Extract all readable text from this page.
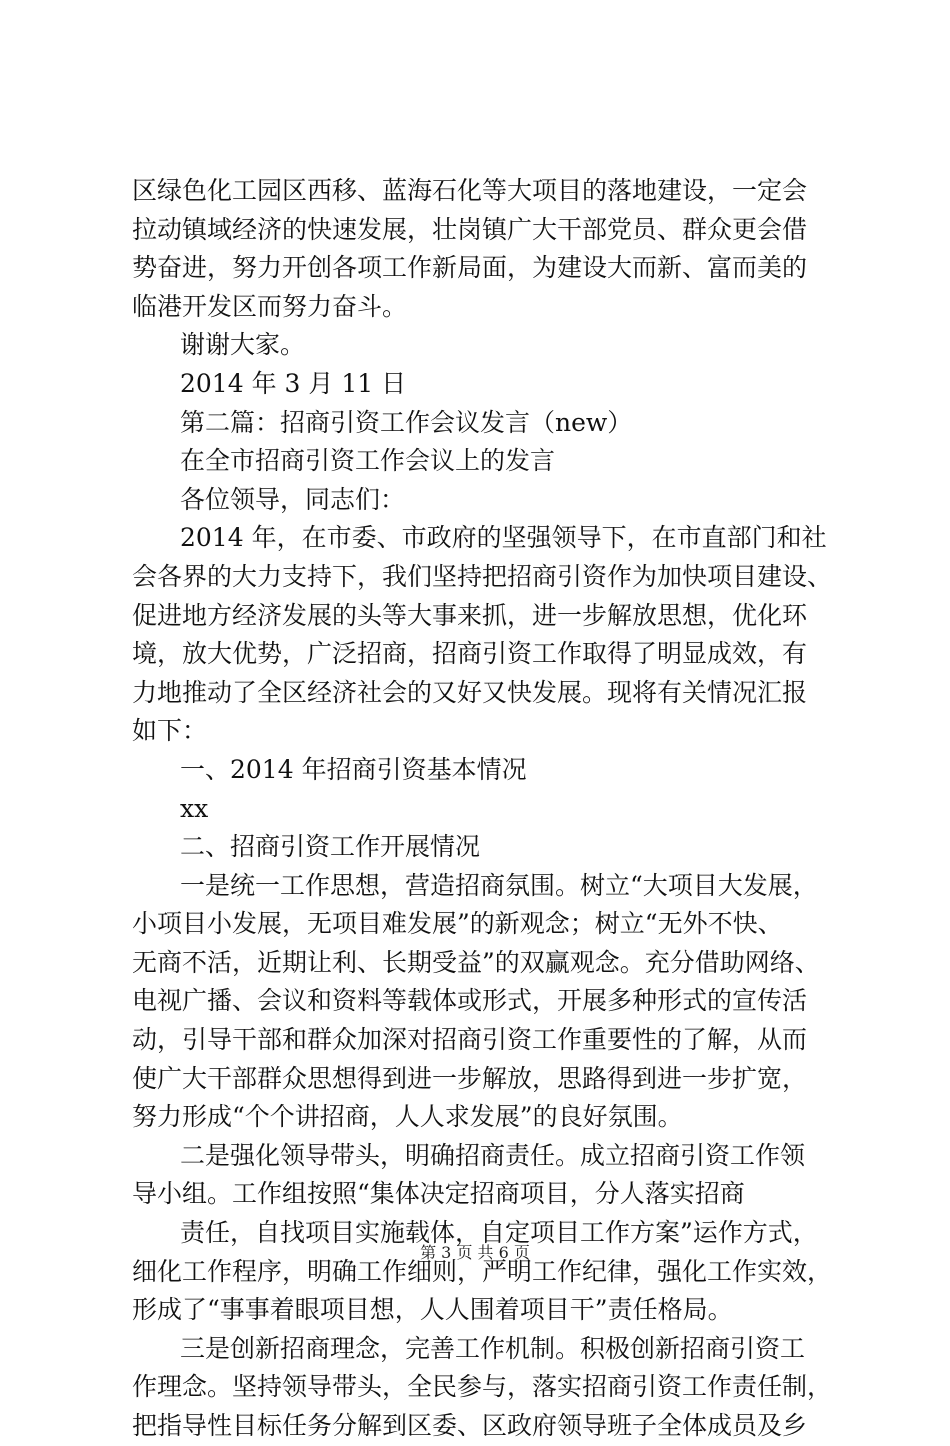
区绿色化工园区西移、蓝海石化等大项目的落地建设，一定会
拉动镇域经济的快速发展，壮岗镇广大干部党员、群众更会借
势奋进，努力开创各项工作新局面，为建设大而新、富而美的
临港开发区而努力奋斗。
谢谢大家。
2014 年 3 月 11 日
第二篇：招商引资工作会议发言（new）
在全市招商引资工作会议上的发言
各位领导，同志们：
2014 年，在市委、市政府的坚强领导下，在市直部门和社
会各界的大力支持下，我们坚持把招商引资作为加快项目建设、
促进地方经济发展的头等大事来抓，进一步解放思想，优化环
境，放大优势，广泛招商，招商引资工作取得了明显成效，有
力地推动了全区经济社会的又好又快发展。现将有关情况汇报
如下：
一、2014 年招商引资基本情况
xx
二、招商引资工作开展情况
一是统一工作思想，营造招商氛围。树立“大项目大发展，
小项目小发展，无项目难发展”的新观念；树立“无外不快、
无商不活，近期让利、长期受益”的双赢观念。充分借助网络、
电视广播、会议和资料等载体或形式，开展多种形式的宣传活
动，引导干部和群众加深对招商引资工作重要性的了解，从而
使广大干部群众思想得到进一步解放，思路得到进一步扩宽，
努力形成“个个讲招商，人人求发展”的良好氛围。
二是强化领导带头，明确招商责任。成立招商引资工作领
导小组。工作组按照“集体决定招商项目，分人落实招商
责任，自找项目实施载体，自定项目工作方案”运作方式，
细化工作程序，明确工作细则，严明工作纪律，强化工作实效，
形成了“事事着眼项目想，人人围着项目干”责任格局。
三是创新招商理念，完善工作机制。积极创新招商引资工
作理念。坚持领导带头，全民参与，落实招商引资工作责任制，
把指导性目标任务分解到区委、区政府领导班子全体成员及乡
第 3 页 共 6 页
